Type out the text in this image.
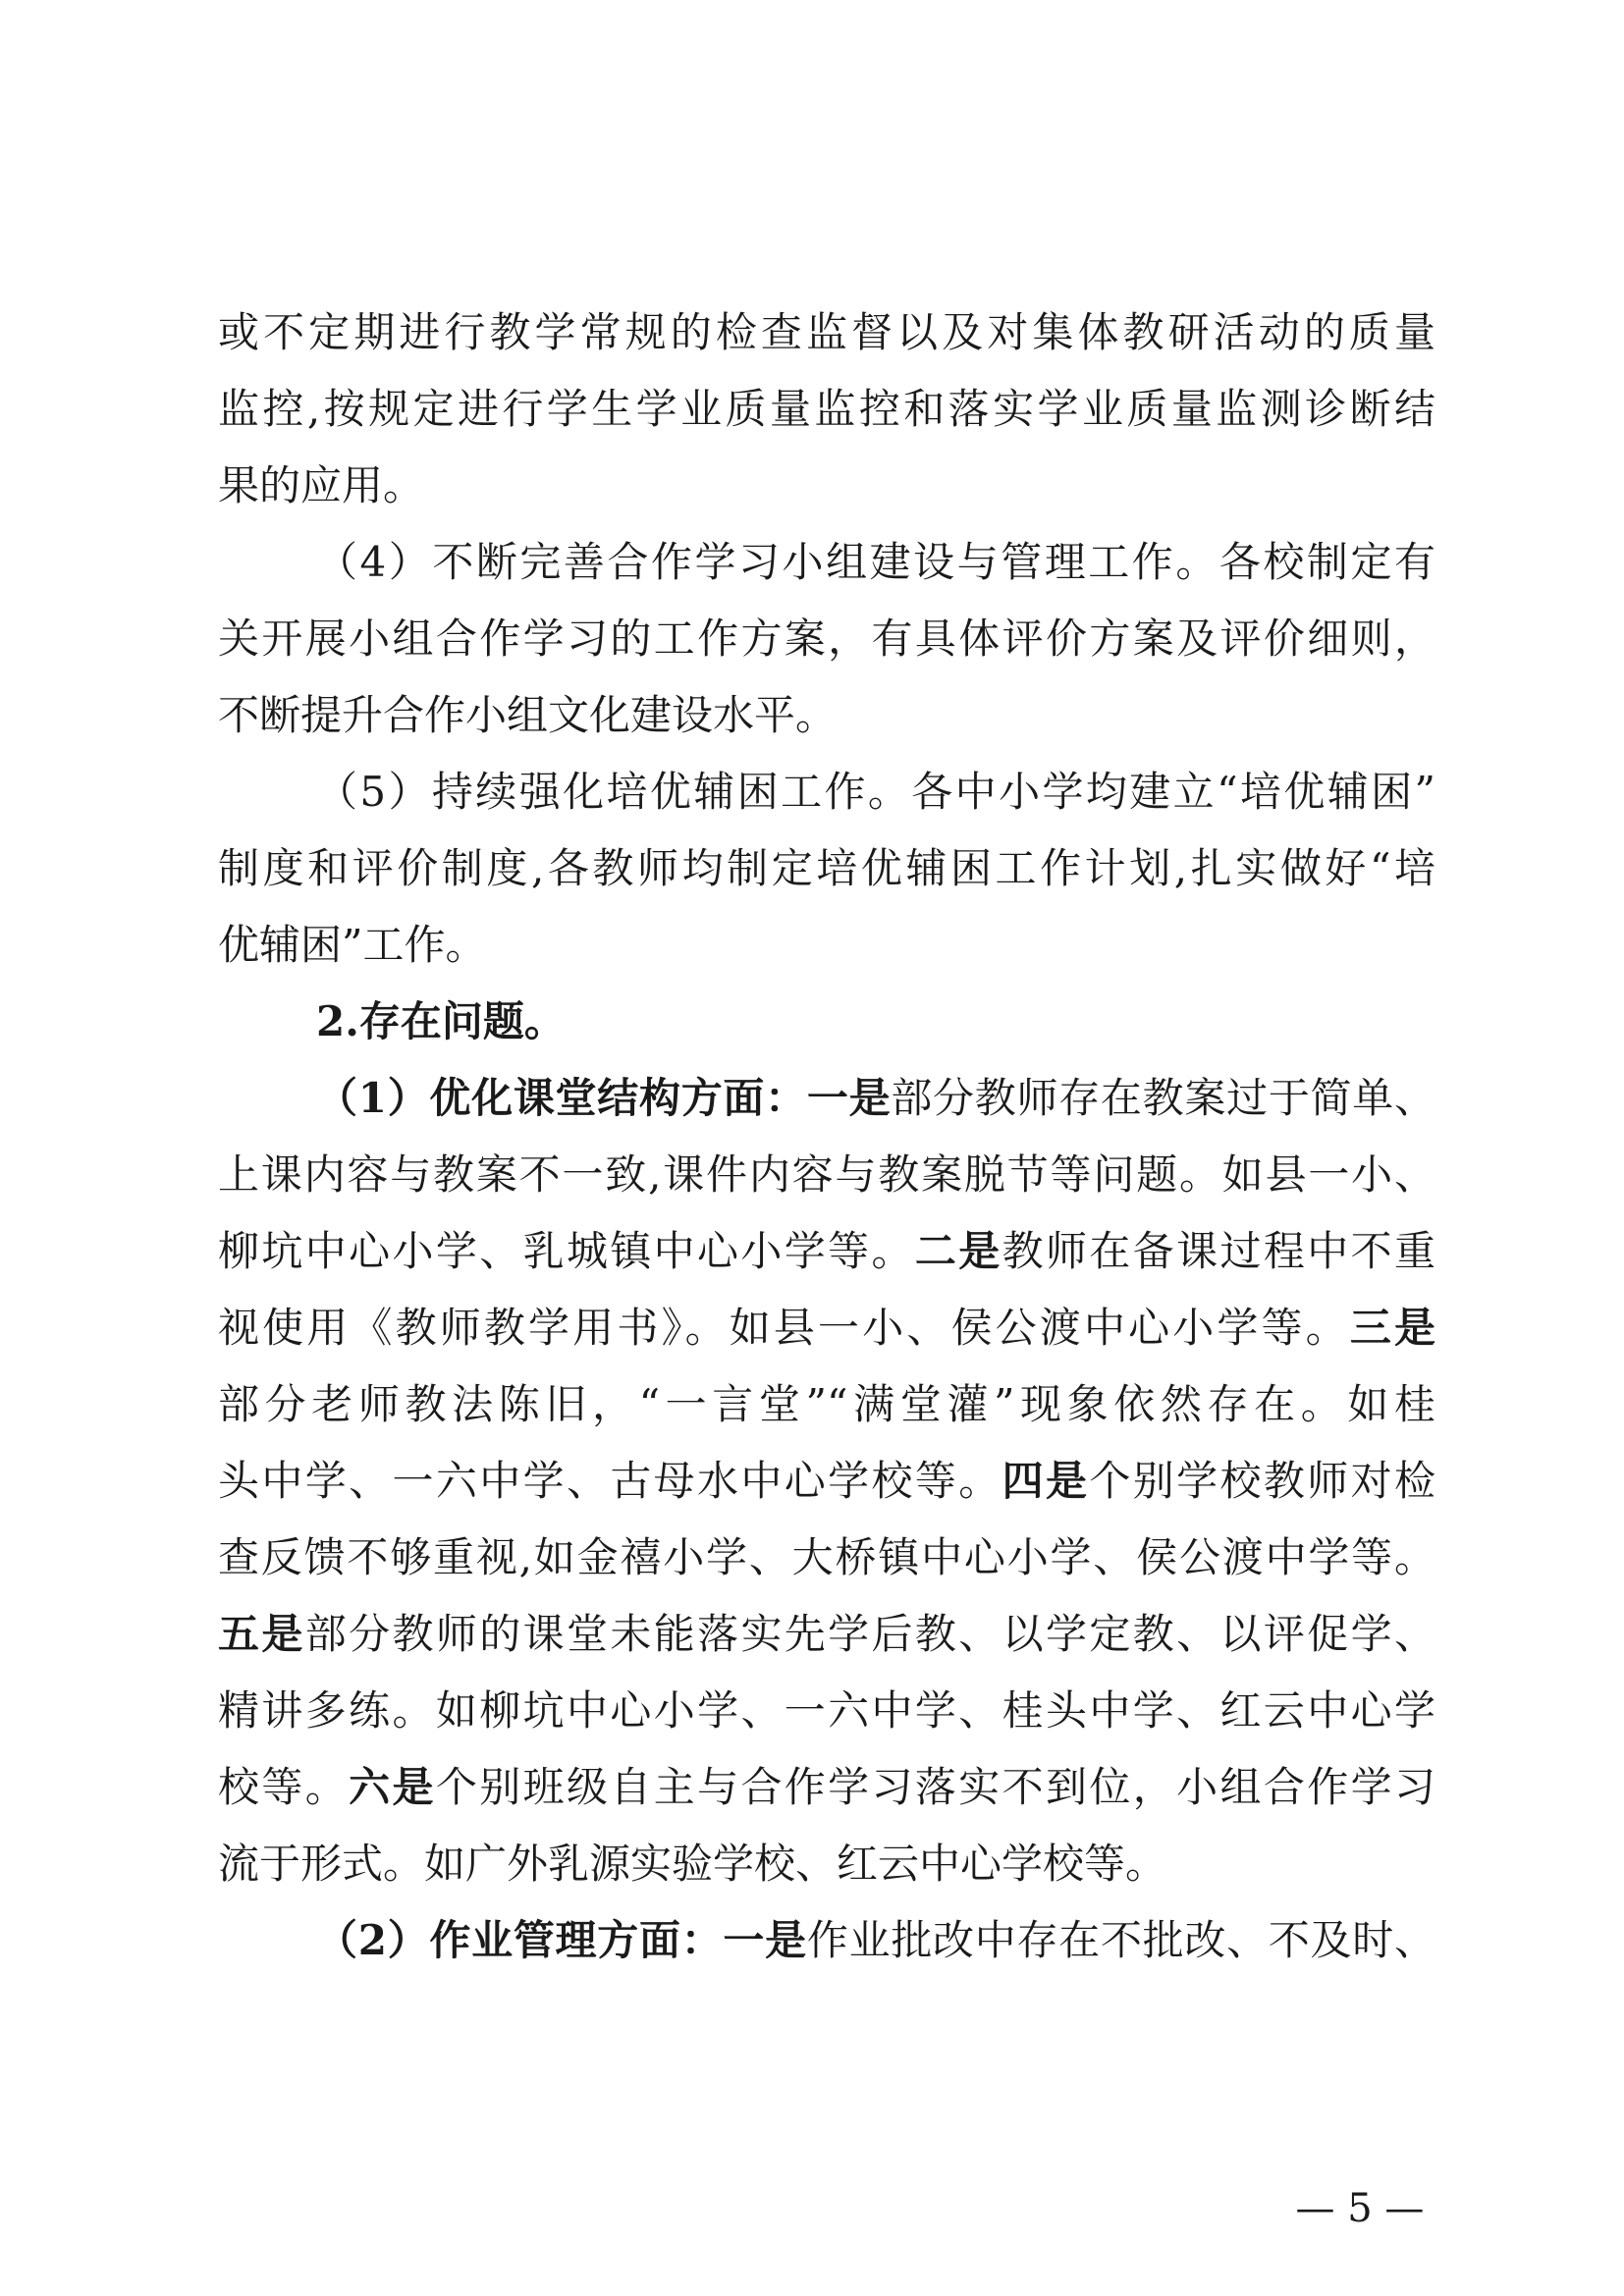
或不定期进行教学常规的检查监督以及对集体教研活动的质量
监控,按规定进行学生学业质量监控和落实学业质量监测诊断结
果的应用。
（4）不断完善合作学习小组建设与管理工作。各校制定有
关开展小组合作学习的工作方案，有具体评价方案及评价细则，
不断提升合作小组文化建设水平。
（5）持续强化培优辅困工作。各中小学均建立“培优辅困”
制度和评价制度,各教师均制定培优辅困工作计划,扎实做好“培
优辅困”工作。
2.存在问题。
（1）优化课堂结构方面：一是部分教师存在教案过于简单、
上课内容与教案不一致,课件内容与教案脱节等问题。如县一小、
柳坑中心小学、乳城镇中心小学等。二是教师在备课过程中不重
视使用《教师教学用书》。如县一小、侯公渡中心小学等。三是
部分老师教法陈旧，“一言堂”“满堂灌”现象依然存在。如桂
头中学、一六中学、古母水中心学校等。四是个别学校教师对检
查反馈不够重视,如金禧小学、大桥镇中心小学、侯公渡中学等。
五是部分教师的课堂未能落实先学后教、以学定教、以评促学、
精讲多练。如柳坑中心小学、一六中学、桂头中学、红云中心学
校等。六是个别班级自主与合作学习落实不到位，小组合作学习
流于形式。如广外乳源实验学校、红云中心学校等。
（2）作业管理方面：一是作业批改中存在不批改、不及时、
— 5 —
